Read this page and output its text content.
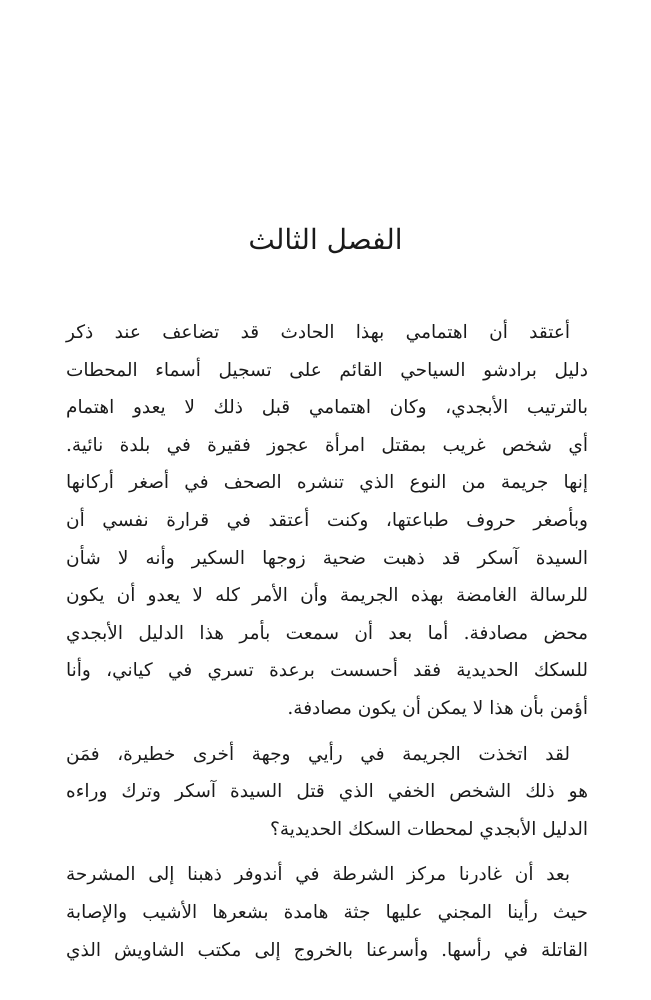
الفصل الثالث

أعتقد أن اهتمامي بهذا الحادث قد تضاعف عند ذكر
دليل برادشو السياحي القائم على تسجيل أسماء المحطات
بالترتيب الأبجدي، وكان اهتمامي قبل ذلك لا يعدو اهتمام
أي شخص غريب بمقتل امرأة عجوز فقيرة في بلدة نائية.
إنها جريمة من النوع الذي تنشره الصحف في أصغر أركانها
وبأصغر حروف طباعتها، وكنت أعتقد في قرارة نفسي أن
السيدة آسكر قد ذهبت ضحية زوجها السكير وأنه لا شأن
للرسالة الغامضة بهذه الجريمة وأن الأمر كله لا يعدو أن يكون
محض مصادفة. أما بعد أن سمعت بأمر هذا الدليل الأبجدي
للسكك الحديدية فقد أحسست برعدة تسري في كياني، وأنا
أؤمن بأن هذا لا يمكن أن يكون مصادفة.

لقد اتخذت الجريمة في رأيي وجهة أخرى خطيرة، فمَن
هو ذلك الشخص الخفي الذي قتل السيدة آسكر وترك وراءه
الدليل الأبجدي لمحطات السكك الحديدية؟

بعد أن غادرنا مركز الشرطة في أندوفر ذهبنا إلى المشرحة
حيث رأينا المجني عليها جثة هامدة بشعرها الأشيب والإصابة
القاتلة في رأسها. وأسرعنا بالخروج إلى مكتب الشاويش الذي
